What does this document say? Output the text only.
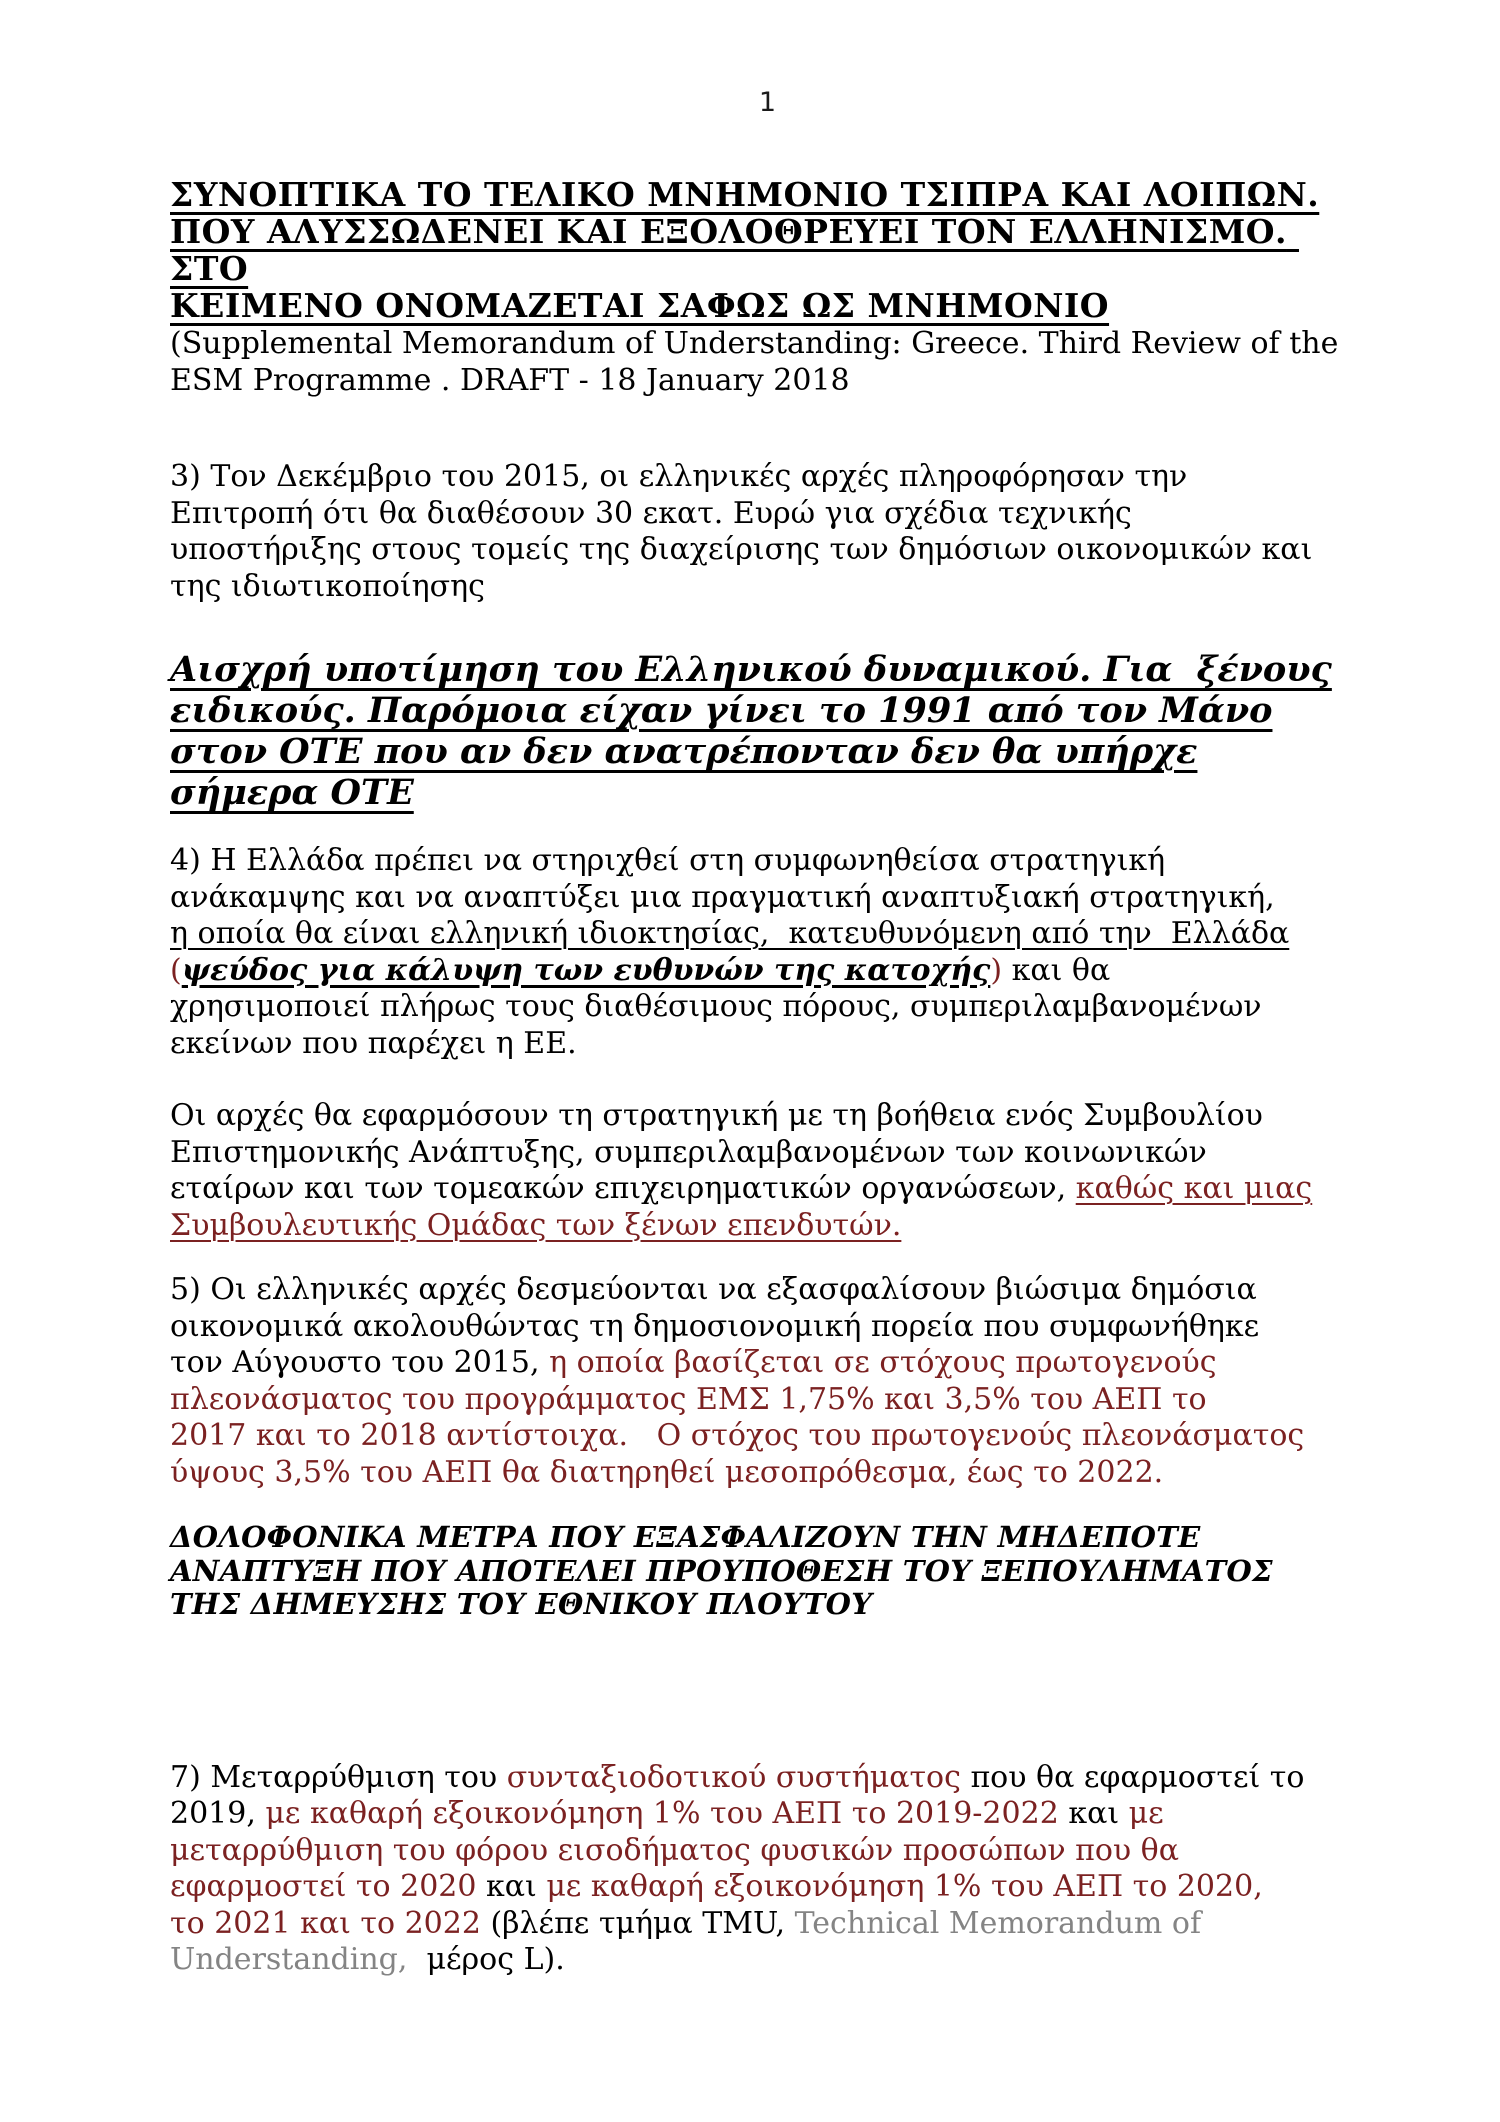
1
ΣΥΝΟΠΤΙΚΑ ΤΟ ΤΕΛΙΚΟ ΜΝΗΜΟΝΙΟ ΤΣΙΠΡΑ ΚΑΙ ΛΟΙΠΩΝ.
ΠΟΥ ΑΛΥΣΣΩΔΕΝΕΙ ΚΑΙ ΕΞΟΛΟΘΡΕΥΕΙ ΤΟΝ ΕΛΛΗΝΙΣΜΟ. ΣΤΟ
ΚΕΙΜΕΝΟ ΟΝΟΜΑΖΕΤΑΙ ΣΑΦΩΣ ΩΣ ΜΝΗΜΟΝΙΟ
(Supplemental Memorandum of Understanding: Greece. Third Review of the
ESM Programme . DRAFT - 18 January 2018
3) Τον Δεκέμβριο του 2015, οι ελληνικές αρχές πληροφόρησαν την
Επιτροπή ότι θα διαθέσουν 30 εκατ. Ευρώ για σχέδια τεχνικής
υποστήριξης στους τομείς της διαχείρισης των δημόσιων οικονομικών και
της ιδιωτικοποίησης
Αισχρή υποτίμηση του Ελληνικού δυναμικού. Για  ξένους
ειδικούς. Παρόμοια είχαν γίνει το 1991 από τον Μάνο
στον ΟΤΕ που αν δεν ανατρέπονταν δεν θα υπήρχε
σήμερα ΟΤΕ
4) Η Ελλάδα πρέπει να στηριχθεί στη συμφωνηθείσα στρατηγική
ανάκαμψης και να αναπτύξει μια πραγματική αναπτυξιακή στρατηγική,
η οποία θα είναι ελληνική ιδιοκτησίας,  κατευθυνόμενη από την  Ελλάδα
(ψεύδος για κάλυψη των ευθυνών της κατοχής) και θα
χρησιμοποιεί πλήρως τους διαθέσιμους πόρους, συμπεριλαμβανομένων
εκείνων που παρέχει η ΕΕ.
Οι αρχές θα εφαρμόσουν τη στρατηγική με τη βοήθεια ενός Συμβουλίου
Επιστημονικής Ανάπτυξης, συμπεριλαμβανομένων των κοινωνικών
εταίρων και των τομεακών επιχειρηματικών οργανώσεων, καθώς και μιας
Συμβουλευτικής Ομάδας των ξένων επενδυτών.
5) Οι ελληνικές αρχές δεσμεύονται να εξασφαλίσουν βιώσιμα δημόσια
οικονομικά ακολουθώντας τη δημοσιονομική πορεία που συμφωνήθηκε
τον Αύγουστο του 2015, η οποία βασίζεται σε στόχους πρωτογενούς
πλεονάσματος του προγράμματος ΕΜΣ 1,75% και 3,5% του ΑΕΠ το
2017 και το 2018 αντίστοιχα.   Ο στόχος του πρωτογενούς πλεονάσματος
ύψους 3,5% του ΑΕΠ θα διατηρηθεί μεσοπρόθεσμα, έως το 2022.
ΔΟΛΟΦΟΝΙΚΑ ΜΕΤΡΑ ΠΟΥ ΕΞΑΣΦΑΛΙΖΟΥΝ ΤΗΝ ΜΗΔΕΠΟΤΕ
ΑΝΑΠΤΥΞΗ ΠΟΥ ΑΠΟΤΕΛΕΙ ΠΡΟΥΠΟΘΕΣΗ ΤΟΥ ΞΕΠΟΥΛΗΜΑΤΟΣ
ΤΗΣ ΔΗΜΕΥΣΗΣ ΤΟΥ ΕΘΝΙΚΟΥ ΠΛΟΥΤΟΥ
7) Μεταρρύθμιση του συνταξιοδοτικού συστήματος που θα εφαρμοστεί το
2019, με καθαρή εξοικονόμηση 1% του ΑΕΠ το 2019-2022 και με
μεταρρύθμιση του φόρου εισοδήματος φυσικών προσώπων που θα
εφαρμοστεί το 2020 και με καθαρή εξοικονόμηση 1% του ΑΕΠ το 2020,
το 2021 και το 2022 (βλέπε τμήμα TMU, Technical Memorandum of
Understanding,  μέρος L).
